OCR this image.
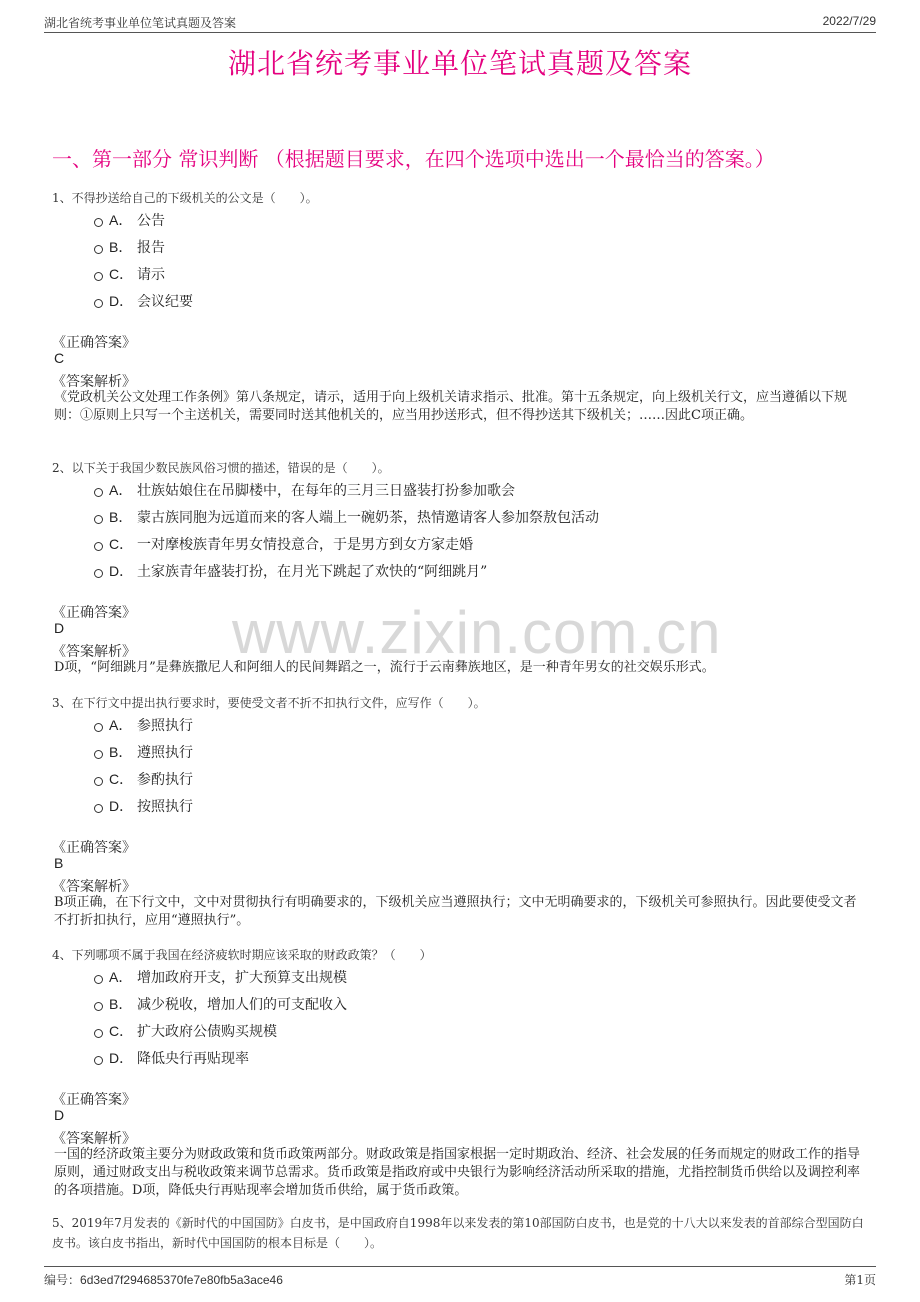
湖北省统考事业单位笔试真题及答案	2022/7/29
湖北省统考事业单位笔试真题及答案
一、第一部分 常识判断 （根据题目要求，在四个选项中选出一个最恰当的答案。）
www.zixin.com.cn
1、不得抄送给自己的下级机关的公文是（　　）。
A． 公告
B． 报告
C． 请示
D． 会议纪要
《正确答案》
C
《答案解析》
《党政机关公文处理工作条例》第八条规定，请示，适用于向上级机关请求指示、批准。第十五条规定，向上级机关行文，应当遵循以下规则：①原则上只写一个主送机关，需要同时送其他机关的，应当用抄送形式，但不得抄送其下级机关；……因此C项正确。
2、以下关于我国少数民族风俗习惯的描述，错误的是（　　）。
A． 壮族姑娘住在吊脚楼中，在每年的三月三日盛装打扮参加歌会
B． 蒙古族同胞为远道而来的客人端上一碗奶茶，热情邀请客人参加祭敖包活动
C． 一对摩梭族青年男女情投意合，于是男方到女方家走婚
D． 土家族青年盛装打扮，在月光下跳起了欢快的“阿细跳月”
《正确答案》
D
《答案解析》
D项，“阿细跳月”是彝族撒尼人和阿细人的民间舞蹈之一，流行于云南彝族地区，是一种青年男女的社交娱乐形式。
3、在下行文中提出执行要求时，要使受文者不折不扣执行文件，应写作（　　）。
A． 参照执行
B． 遵照执行
C． 参酌执行
D． 按照执行
《正确答案》
B
《答案解析》
B项正确，在下行文中，文中对贯彻执行有明确要求的，下级机关应当遵照执行；文中无明确要求的，下级机关可参照执行。因此要使受文者不打折扣执行，应用“遵照执行”。
4、下列哪项不属于我国在经济疲软时期应该采取的财政政策？（　　）
A． 增加政府开支，扩大预算支出规模
B． 减少税收，增加人们的可支配收入
C． 扩大政府公债购买规模
D． 降低央行再贴现率
《正确答案》
D
《答案解析》
一国的经济政策主要分为财政政策和货币政策两部分。财政政策是指国家根据一定时期政治、经济、社会发展的任务而规定的财政工作的指导原则，通过财政支出与税收政策来调节总需求。货币政策是指政府或中央银行为影响经济活动所采取的措施，尤指控制货币供给以及调控利率的各项措施。D项，降低央行再贴现率会增加货币供给，属于货币政策。
5、2019年7月发表的《新时代的中国国防》白皮书，是中国政府自1998年以来发表的第10部国防白皮书，也是党的十八大以来发表的首部综合型国防白皮书。该白皮书指出，新时代中国国防的根本目标是（　　）。
编号：6d3ed7f294685370fe7e80fb5a3ace46	第1页
